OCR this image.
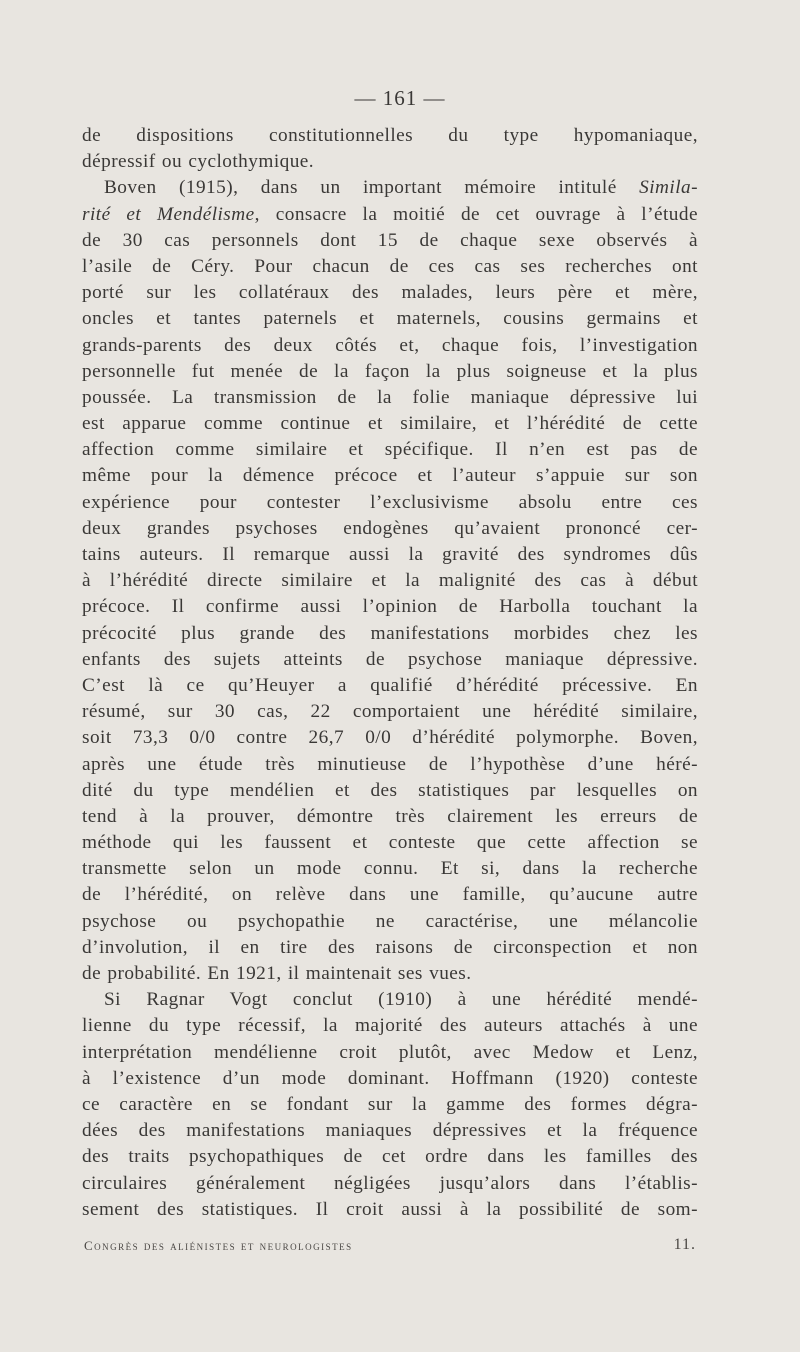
— 161 —
de dispositions constitutionnelles du type hypomaniaque,
dépressif ou cyclothymique.
Boven (1915), dans un important mémoire intitulé Simila-
rité et Mendélisme, consacre la moitié de cet ouvrage à l’étude
de 30 cas personnels dont 15 de chaque sexe observés à
l’asile de Céry. Pour chacun de ces cas ses recherches ont
porté sur les collatéraux des malades, leurs père et mère,
oncles et tantes paternels et maternels, cousins germains et
grands-parents des deux côtés et, chaque fois, l’investigation
personnelle fut menée de la façon la plus soigneuse et la plus
poussée. La transmission de la folie maniaque dépressive lui
est apparue comme continue et similaire, et l’hérédité de cette
affection comme similaire et spécifique. Il n’en est pas de
même pour la démence précoce et l’auteur s’appuie sur son
expérience pour contester l’exclusivisme absolu entre ces
deux grandes psychoses endogènes qu’avaient prononcé cer-
tains auteurs. Il remarque aussi la gravité des syndromes dûs
à l’hérédité directe similaire et la malignité des cas à début
précoce. Il confirme aussi l’opinion de Harbolla touchant la
précocité plus grande des manifestations morbides chez les
enfants des sujets atteints de psychose maniaque dépressive.
C’est là ce qu’Heuyer a qualifié d’hérédité précessive. En
résumé, sur 30 cas, 22 comportaient une hérédité similaire,
soit 73,3 0/0 contre 26,7 0/0 d’hérédité polymorphe. Boven,
après une étude très minutieuse de l’hypothèse d’une héré-
dité du type mendélien et des statistiques par lesquelles on
tend à la prouver, démontre très clairement les erreurs de
méthode qui les faussent et conteste que cette affection se
transmette selon un mode connu. Et si, dans la recherche
de l’hérédité, on relève dans une famille, qu’aucune autre
psychose ou psychopathie ne caractérise, une mélancolie
d’involution, il en tire des raisons de circonspection et non
de probabilité. En 1921, il maintenait ses vues.
Si Ragnar Vogt conclut (1910) à une hérédité mendé-
lienne du type récessif, la majorité des auteurs attachés à une
interprétation mendélienne croit plutôt, avec Medow et Lenz,
à l’existence d’un mode dominant. Hoffmann (1920) conteste
ce caractère en se fondant sur la gamme des formes dégra-
dées des manifestations maniaques dépressives et la fréquence
des traits psychopathiques de cet ordre dans les familles des
circulaires généralement négligées jusqu’alors dans l’établis-
sement des statistiques. Il croit aussi à la possibilité de som-
Congrès des aliénistes et neurologistes	11.
